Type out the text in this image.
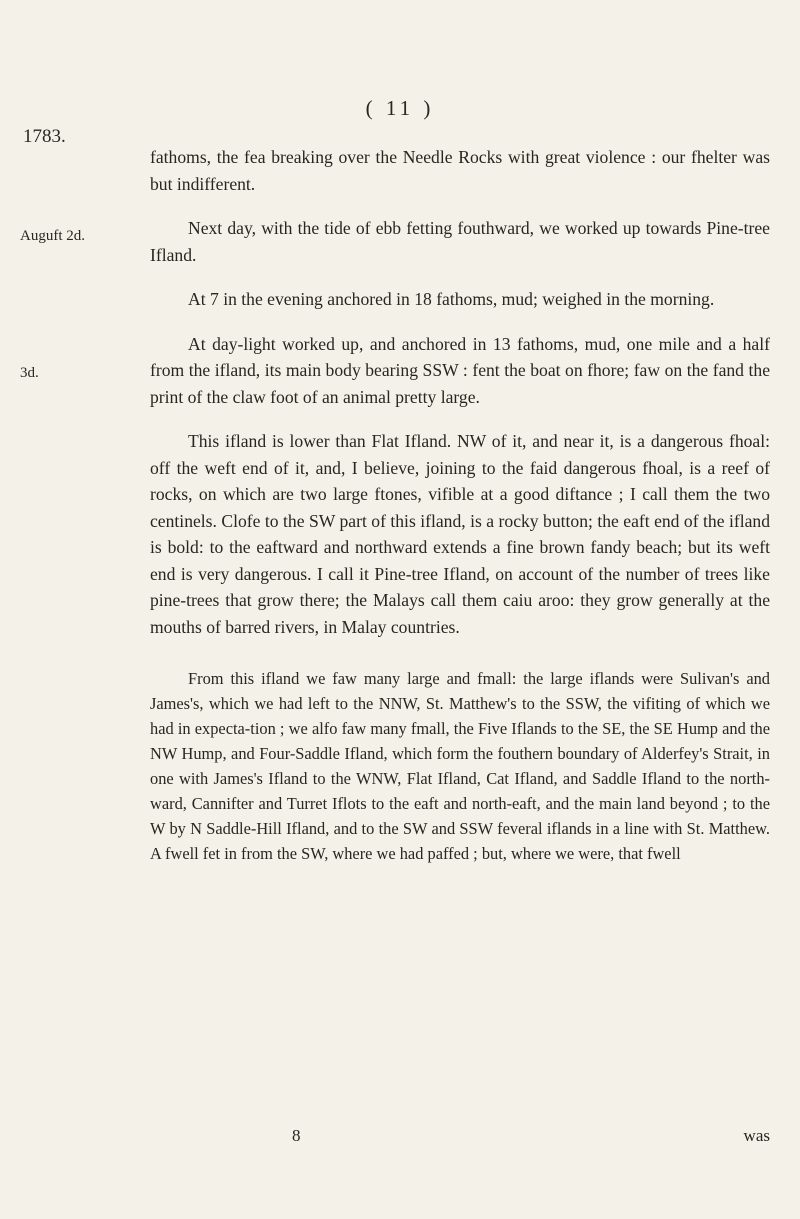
( 11 )
1783.
Auguft 2d.
3d.

fathoms, the fea breaking over the Needle Rocks with great violence : our fhelter was but indifferent.

Next day, with the tide of ebb fetting fouthward, we worked up towards Pine-tree Ifland.

At 7 in the evening anchored in 18 fathoms, mud; weighed in the morning.

At day-light worked up, and anchored in 13 fathoms, mud, one mile and a half from the ifland, its main body bearing SSW : fent the boat on fhore; faw on the fand the print of the claw foot of an animal pretty large.

This ifland is lower than Flat Ifland. NW of it, and near it, is a dangerous fhoal: off the weft end of it, and, I believe, joining to the faid dangerous fhoal, is a reef of rocks, on which are two large ftones, vifible at a good diftance ; I call them the two centinels. Clofe to the SW part of this ifland, is a rocky button; the eaft end of the ifland is bold: to the eaftward and northward extends a fine brown fandy beach; but its weft end is very dangerous. I call it Pine-tree Ifland, on account of the number of trees like pine-trees that grow there; the Malays call them caiu aroo: they grow generally at the mouths of barred rivers, in Malay countries.

From this ifland we faw many large and fmall: the large iflands were Sulivan's and James's, which we had left to the NNW, St. Matthew's to the SSW, the vifiting of which we had in expecta-tion ; we alfo faw many fmall, the Five Iflands to the SE, the SE Hump and the NW Hump, and Four-Saddle Ifland, which form the fouthern boundary of Alderfey's Strait, in one with James's Ifland to the WNW, Flat Ifland, Cat Ifland, and Saddle Ifland to the north-ward, Cannifter and Turret Iflots to the eaft and north-eaft, and the main land beyond ; to the W by N Saddle-Hill Ifland, and to the SW and SSW feveral iflands in a line with St. Matthew. A fwell fet in from the SW, where we had paffed ; but, where we were, that fwell

8	was
